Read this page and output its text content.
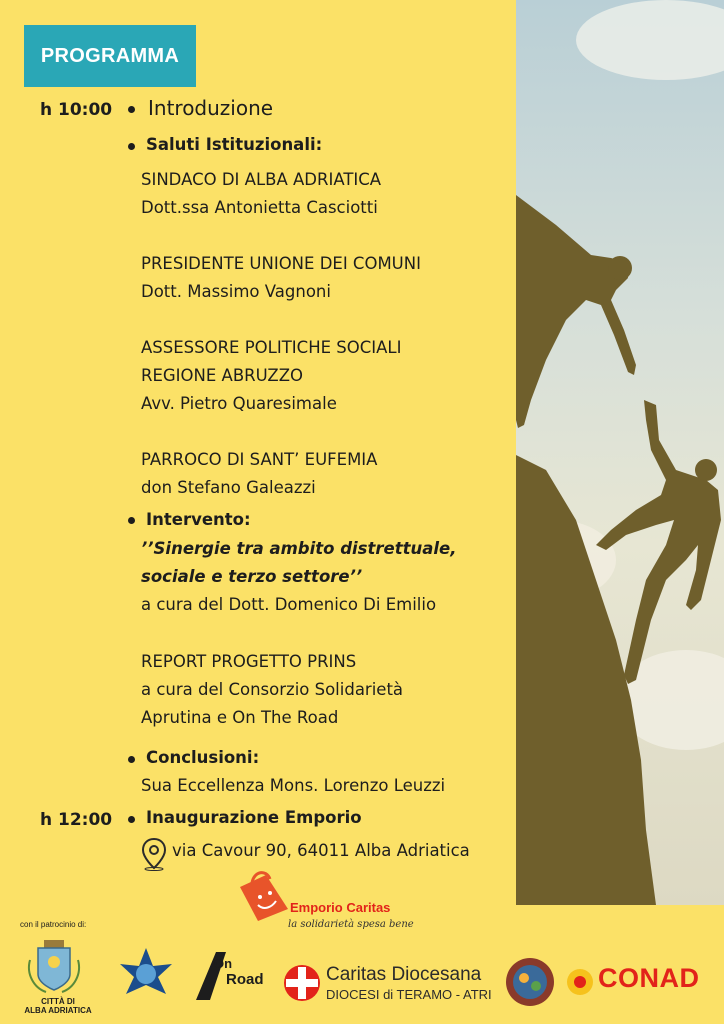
PROGRAMMA
h 10:00
h 12:00
Introduzione
Saluti Istituzionali:
SINDACO DI ALBA ADRIATICA
Dott.ssa Antonietta Casciotti
PRESIDENTE UNIONE DEI COMUNI
Dott. Massimo Vagnoni
ASSESSORE POLITICHE SOCIALI
REGIONE ABRUZZO
Avv. Pietro Quaresimale
PARROCO DI SANT’ EUFEMIA
don Stefano Galeazzi
Intervento:
’’Sinergie tra ambito distrettuale,
sociale e terzo settore’’
a cura del Dott. Domenico Di Emilio
REPORT PROGETTO PRINS
a cura del Consorzio Solidarietà
Aprutina e On The Road
Conclusioni:
Sua Eccellenza Mons. Lorenzo Leuzzi
Inaugurazione Emporio
via Cavour 90, 64011 Alba Adriatica
Emporio Caritas
la solidarietà spesa bene
con il patrocinio di:
On
Road
CITTÀ DI
ALBA ADRIATICA
Caritas Diocesana
DIOCESI di TERAMO - ATRI
CONAD
